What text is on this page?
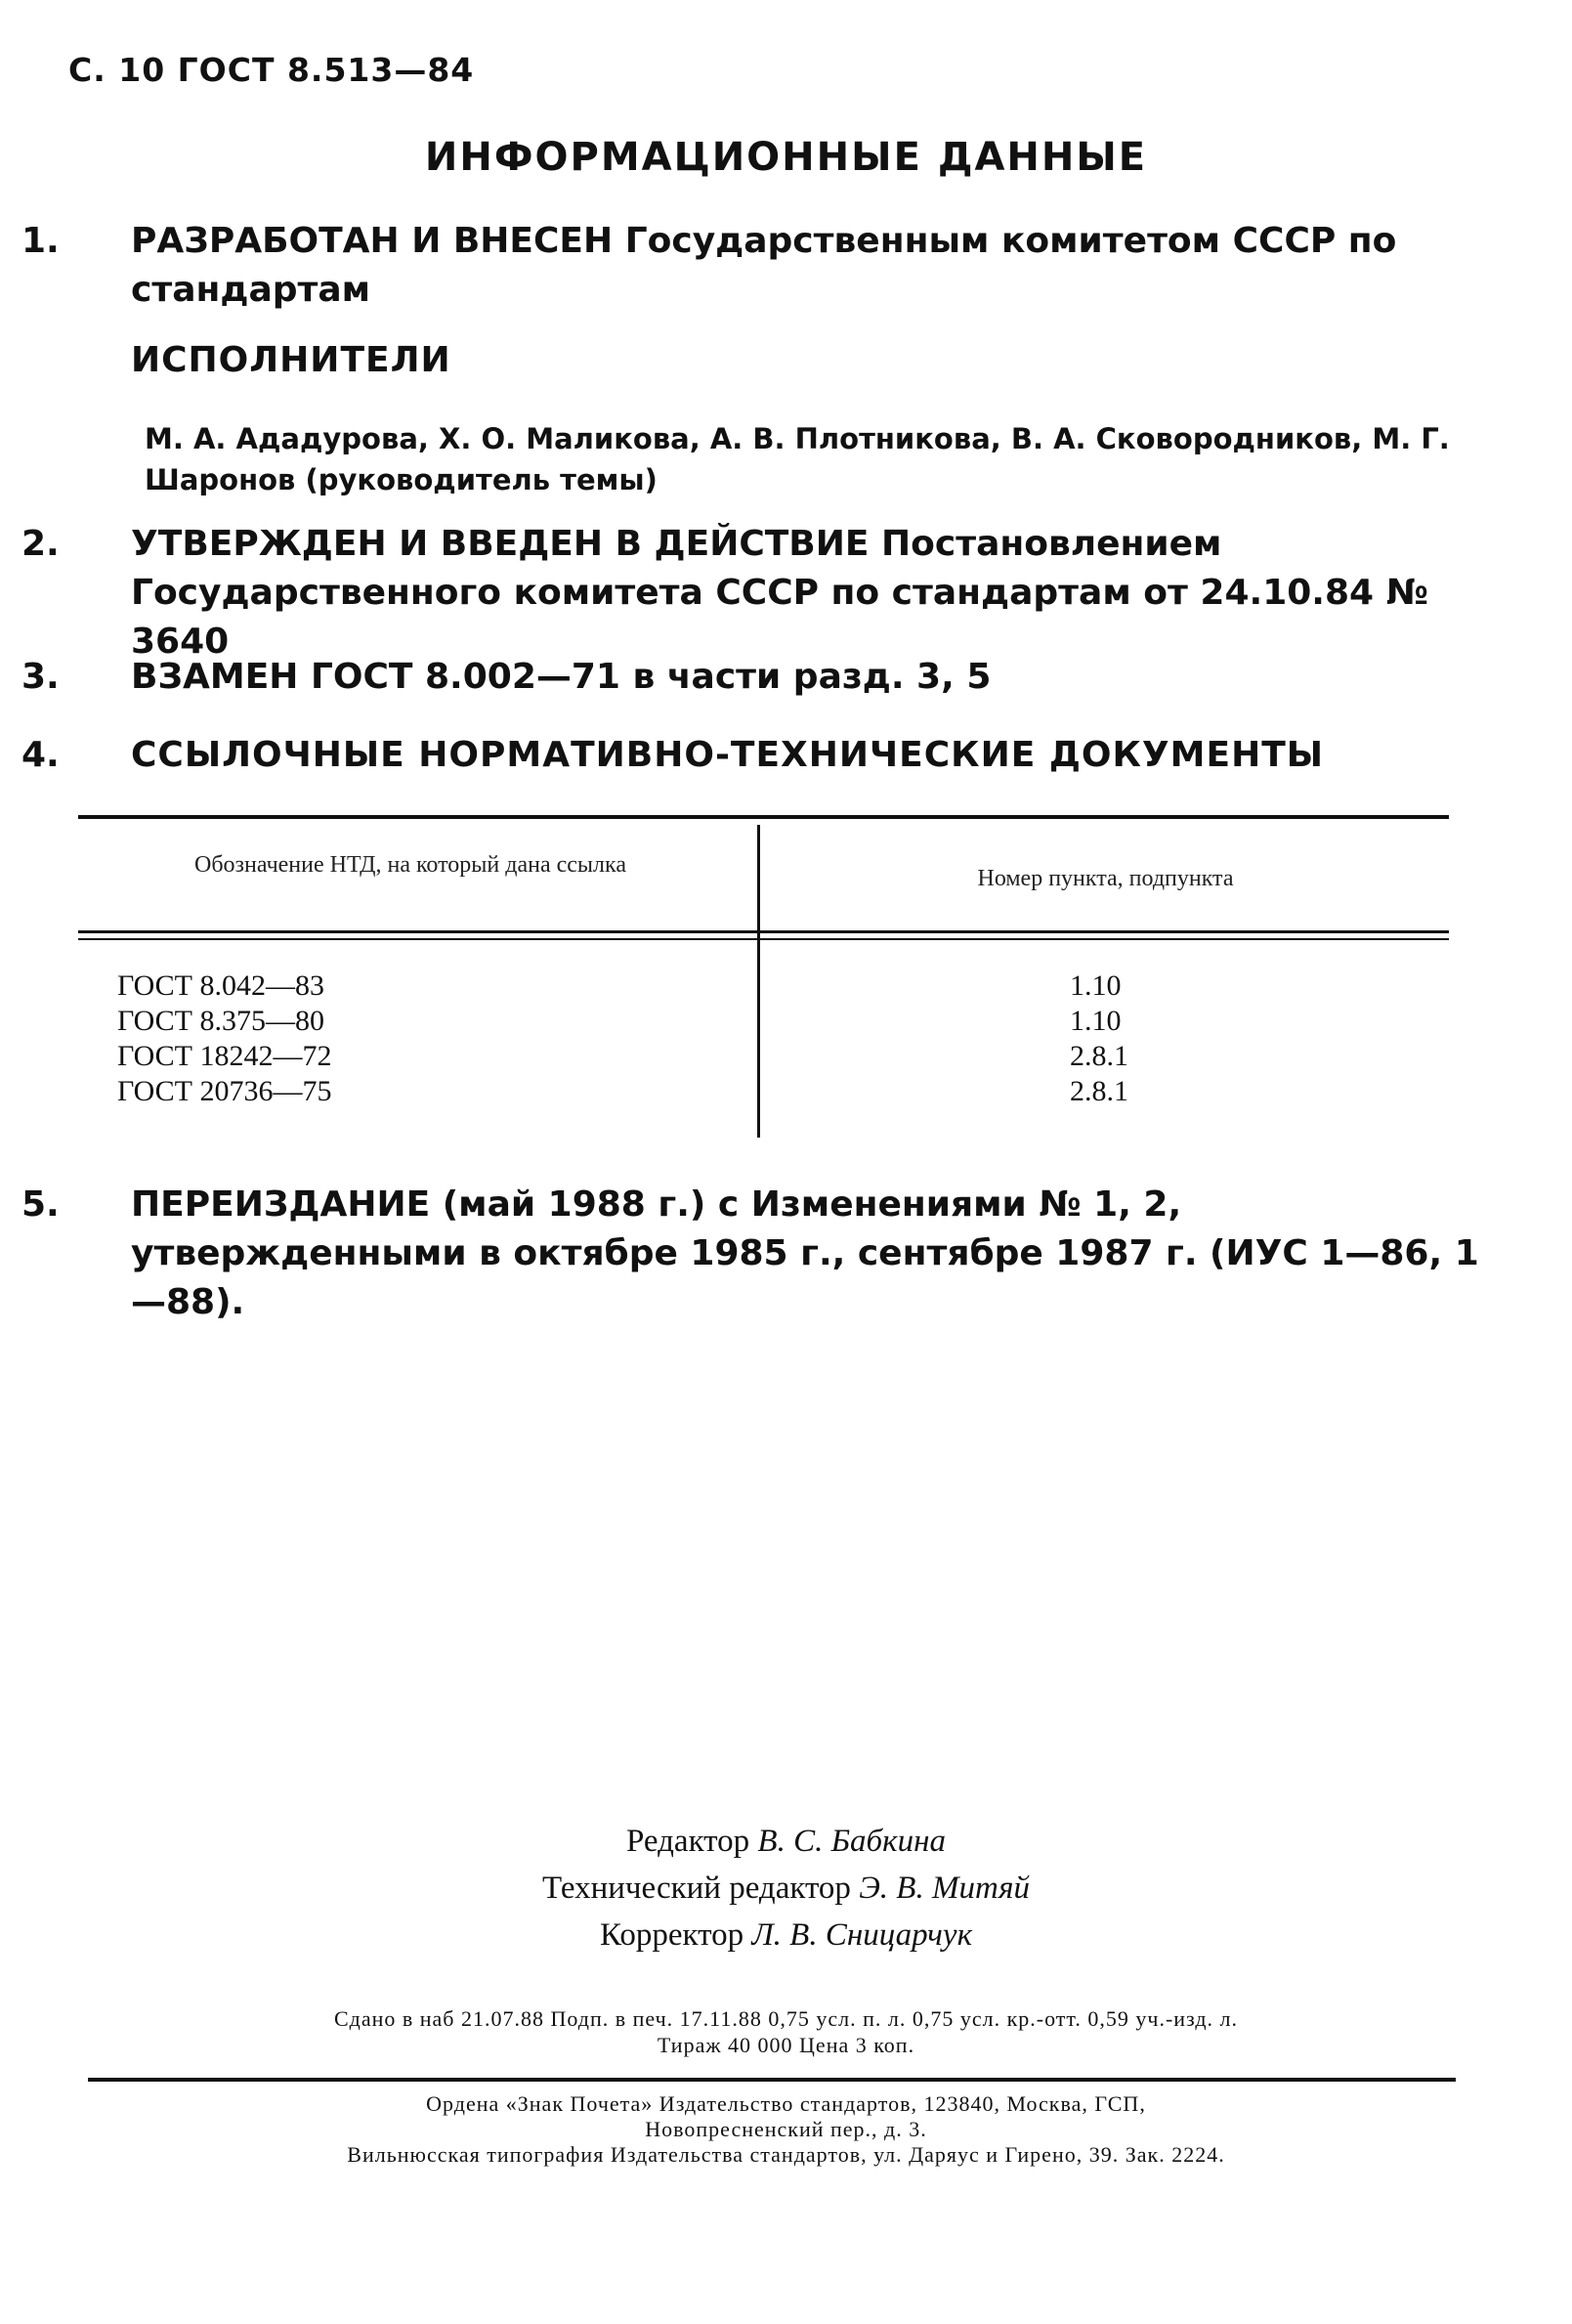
С. 10 ГОСТ 8.513—84
ИНФОРМАЦИОННЫЕ ДАННЫЕ
1. РАЗРАБОТАН И ВНЕСЕН Государственным комитетом СССР по стандартам
ИСПОЛНИТЕЛИ
М. А. Ададурова, Х. О. Маликова, А. В. Плотникова, В. А. Сковородников, М. Г. Шаронов (руководитель темы)
2. УТВЕРЖДЕН И ВВЕДЕН В ДЕЙСТВИЕ Постановлением Государственного комитета СССР по стандартам от 24.10.84 № 3640
3. ВЗАМЕН ГОСТ 8.002—71 в части разд. 3, 5
4. ССЫЛОЧНЫЕ НОРМАТИВНО-ТЕХНИЧЕСКИЕ ДОКУМЕНТЫ
Обозначение НТД, на который дана ссылка
Номер пункта, подпункта
ГОСТ 8.042—83	1.10
ГОСТ 8.375—80	1.10
ГОСТ 18242—72	2.8.1
ГОСТ 20736—75	2.8.1
5. ПЕРЕИЗДАНИЕ (май 1988 г.) с Изменениями № 1, 2, утвержденными в октябре 1985 г., сентябре 1987 г. (ИУС 1—86, 1—88).
Редактор В. С. Бабкина
Технический редактор Э. В. Митяй
Корректор Л. В. Сницарчук
Сдано в наб 21.07.88 Подп. в печ. 17.11.88 0,75 усл. п. л. 0,75 усл. кр.-отт. 0,59 уч.-изд. л.
Тираж 40 000 Цена 3 коп.
Ордена «Знак Почета» Издательство стандартов, 123840, Москва, ГСП,
Новопресненский пер., д. 3.
Вильнюсская типография Издательства стандартов, ул. Даряус и Гирено, 39. Зак. 2224.
